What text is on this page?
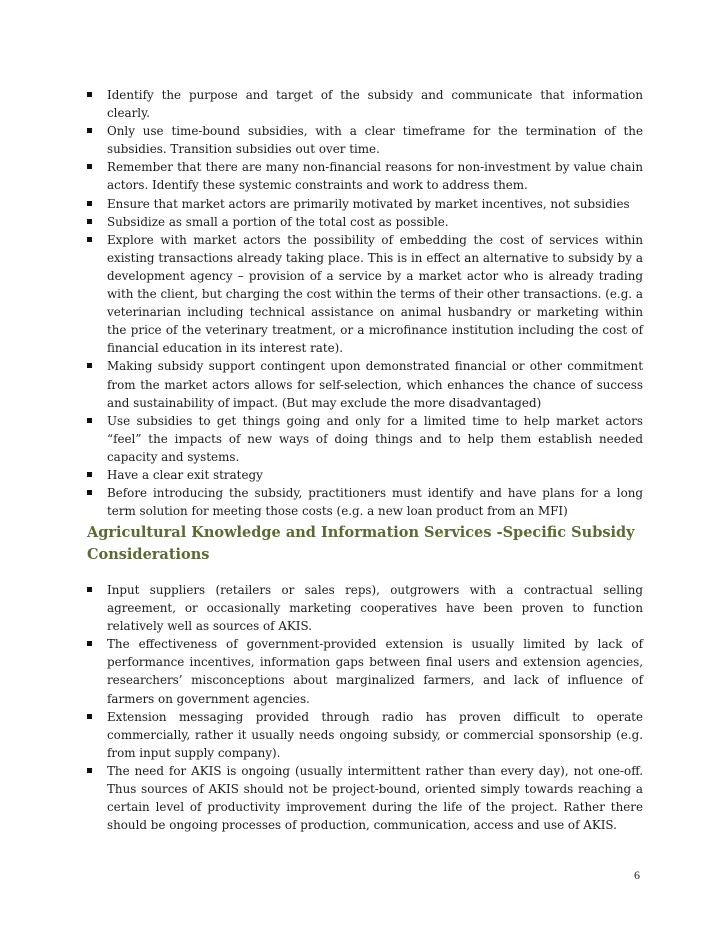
Identify the purpose and target of the subsidy and communicate that information clearly.
Only use time-bound subsidies, with a clear timeframe for the termination of the subsidies. Transition subsidies out over time.
Remember that there are many non-financial reasons for non-investment by value chain actors. Identify these systemic constraints and work to address them.
Ensure that market actors are primarily motivated by market incentives, not subsidies
Subsidize as small a portion of the total cost as possible.
Explore with market actors the possibility of embedding the cost of services within existing transactions already taking place. This is in effect an alternative to subsidy by a development agency – provision of a service by a market actor who is already trading with the client, but charging the cost within the terms of their other transactions. (e.g. a veterinarian including technical assistance on animal husbandry or marketing within the price of the veterinary treatment, or a microfinance institution including the cost of financial education in its interest rate).
Making subsidy support contingent upon demonstrated financial or other commitment from the market actors allows for self-selection, which enhances the chance of success and sustainability of impact. (But may exclude the more disadvantaged)
Use subsidies to get things going and only for a limited time to help market actors “feel” the impacts of new ways of doing things and to help them establish needed capacity and systems.
Have a clear exit strategy
Before introducing the subsidy, practitioners must identify and have plans for a long term solution for meeting those costs (e.g. a new loan product from an MFI)
Agricultural Knowledge and Information Services -Specific Subsidy Considerations
Input suppliers (retailers or sales reps), outgrowers with a contractual selling agreement, or occasionally marketing cooperatives have been proven to function relatively well as sources of AKIS.
The effectiveness of government-provided extension is usually limited by lack of performance incentives, information gaps between final users and extension agencies, researchers’ misconceptions about marginalized farmers, and lack of influence of farmers on government agencies.
Extension messaging provided through radio has proven difficult to operate commercially, rather it usually needs ongoing subsidy, or commercial sponsorship (e.g. from input supply company).
The need for AKIS is ongoing (usually intermittent rather than every day), not one-off. Thus sources of AKIS should not be project-bound, oriented simply towards reaching a certain level of productivity improvement during the life of the project. Rather there should be ongoing processes of production, communication, access and use of AKIS.
6
